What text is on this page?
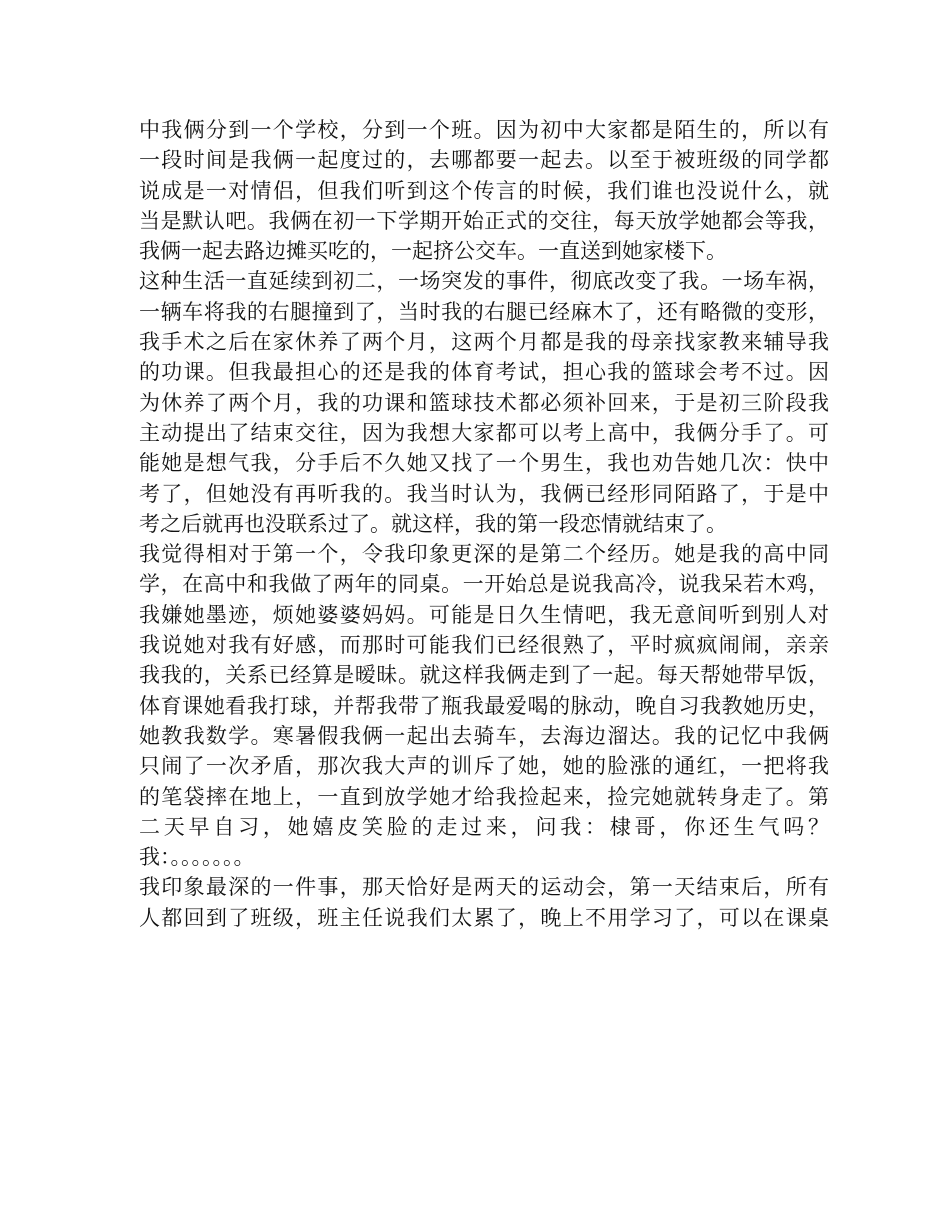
中我俩分到一个学校，分到一个班。因为初中大家都是陌生的，所以有
一段时间是我俩一起度过的，去哪都要一起去。以至于被班级的同学都
说成是一对情侣，但我们听到这个传言的时候，我们谁也没说什么，就
当是默认吧。我俩在初一下学期开始正式的交往，每天放学她都会等我，
我俩一起去路边摊买吃的，一起挤公交车。一直送到她家楼下。
这种生活一直延续到初二，一场突发的事件，彻底改变了我。一场车祸，
一辆车将我的右腿撞到了，当时我的右腿已经麻木了，还有略微的变形，
我手术之后在家休养了两个月，这两个月都是我的母亲找家教来辅导我
的功课。但我最担心的还是我的体育考试，担心我的篮球会考不过。因
为休养了两个月，我的功课和篮球技术都必须补回来，于是初三阶段我
主动提出了结束交往，因为我想大家都可以考上高中，我俩分手了。可
能她是想气我，分手后不久她又找了一个男生，我也劝告她几次：快中
考了，但她没有再听我的。我当时认为，我俩已经形同陌路了，于是中
考之后就再也没联系过了。就这样，我的第一段恋情就结束了。
我觉得相对于第一个，令我印象更深的是第二个经历。她是我的高中同
学，在高中和我做了两年的同桌。一开始总是说我高冷，说我呆若木鸡，
我嫌她墨迹，烦她婆婆妈妈。可能是日久生情吧，我无意间听到别人对
我说她对我有好感，而那时可能我们已经很熟了，平时疯疯闹闹，亲亲
我我的，关系已经算是暧昧。就这样我俩走到了一起。每天帮她带早饭，
体育课她看我打球，并帮我带了瓶我最爱喝的脉动，晚自习我教她历史，
她教我数学。寒暑假我俩一起出去骑车，去海边溜达。我的记忆中我俩
只闹了一次矛盾，那次我大声的训斥了她，她的脸涨的通红，一把将我
的笔袋摔在地上，一直到放学她才给我捡起来，捡完她就转身走了。第
二天早自习，她嬉皮笑脸的走过来，问我：棣哥，你还生气吗？
我：。。。。。。。
我印象最深的一件事，那天恰好是两天的运动会，第一天结束后，所有
人都回到了班级，班主任说我们太累了，晚上不用学习了，可以在课桌
